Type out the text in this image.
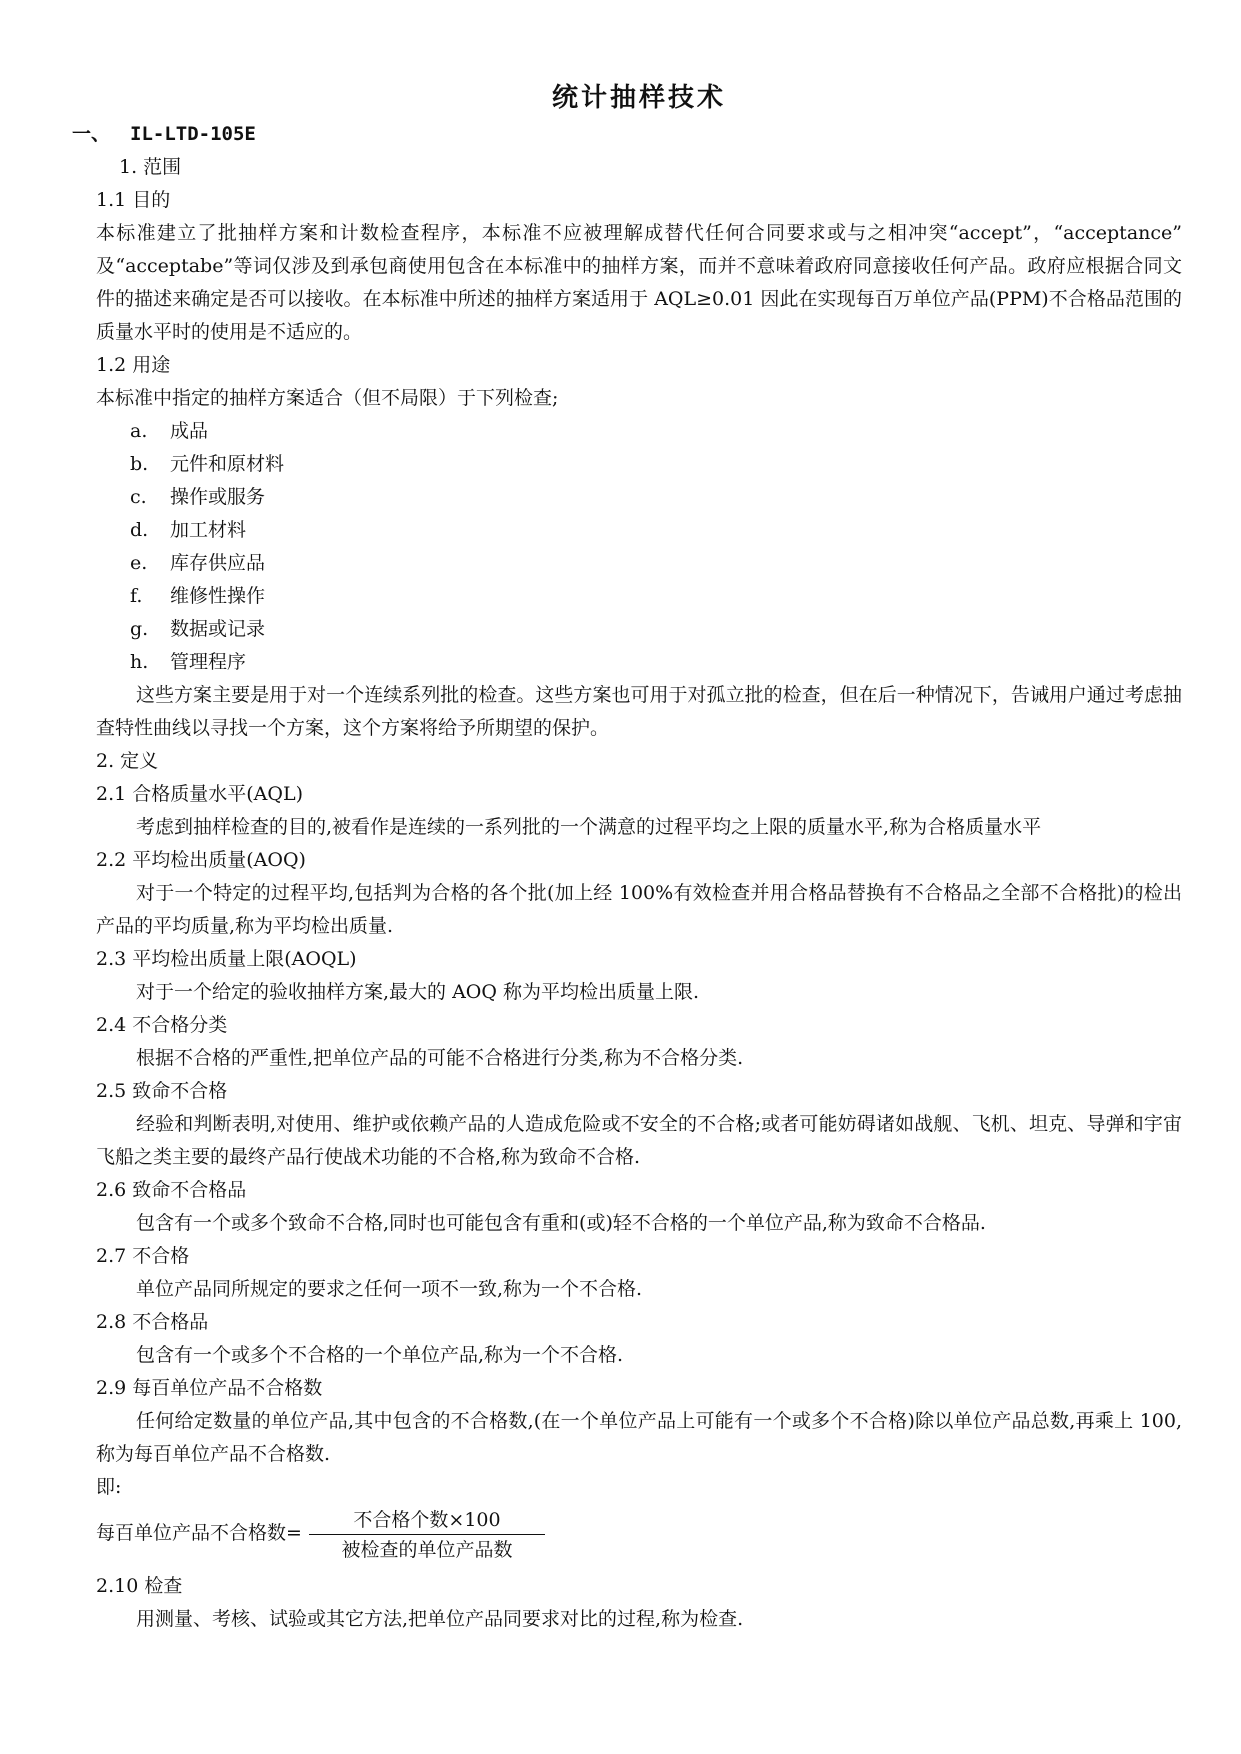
统计抽样技术
一、 IL-LTD-105E
1. 范围
1.1 目的
本标准建立了批抽样方案和计数检查程序，本标准不应被理解成替代任何合同要求或与之相冲突“accept”，“acceptance” 及“acceptabe”等词仅涉及到承包商使用包含在本标准中的抽样方案，而并不意味着政府同意接收任何产品。政府应根据合同文件的描述来确定是否可以接收。在本标准中所述的抽样方案适用于 AQL≥0.01 因此在实现每百万单位产品(PPM)不合格品范围的质量水平时的使用是不适应的。
1.2 用途
本标准中指定的抽样方案适合（但不局限）于下列检查;
a. 成品
b. 元件和原材料
c. 操作或服务
d. 加工材料
e. 库存供应品
f. 维修性操作
g. 数据或记录
h. 管理程序
这些方案主要是用于对一个连续系列批的检查。这些方案也可用于对孤立批的检查，但在后一种情况下，告诫用户通过考虑抽查特性曲线以寻找一个方案，这个方案将给予所期望的保护。
2. 定义
2.1 合格质量水平(AQL)
考虑到抽样检查的目的,被看作是连续的一系列批的一个满意的过程平均之上限的质量水平,称为合格质量水平
2.2 平均检出质量(AOQ)
对于一个特定的过程平均,包括判为合格的各个批(加上经 100%有效检查并用合格品替换有不合格品之全部不合格批)的检出产品的平均质量,称为平均检出质量.
2.3 平均检出质量上限(AOQL)
对于一个给定的验收抽样方案,最大的 AOQ 称为平均检出质量上限.
2.4 不合格分类
根据不合格的严重性,把单位产品的可能不合格进行分类,称为不合格分类.
2.5 致命不合格
经验和判断表明,对使用、维护或依赖产品的人造成危险或不安全的不合格;或者可能妨碍诸如战舰、飞机、坦克、导弹和宇宙飞船之类主要的最终产品行使战术功能的不合格,称为致命不合格.
2.6 致命不合格品
包含有一个或多个致命不合格,同时也可能包含有重和(或)轻不合格的一个单位产品,称为致命不合格品.
2.7 不合格
单位产品同所规定的要求之任何一项不一致,称为一个不合格.
2.8 不合格品
包含有一个或多个不合格的一个单位产品,称为一个不合格.
2.9 每百单位产品不合格数
任何给定数量的单位产品,其中包含的不合格数,(在一个单位产品上可能有一个或多个不合格)除以单位产品总数,再乘上 100,称为每百单位产品不合格数.
即:
每百单位产品不合格数=
不合格个数×100
被检查的单位产品数
2.10 检查
用测量、考核、试验或其它方法,把单位产品同要求对比的过程,称为检查.
